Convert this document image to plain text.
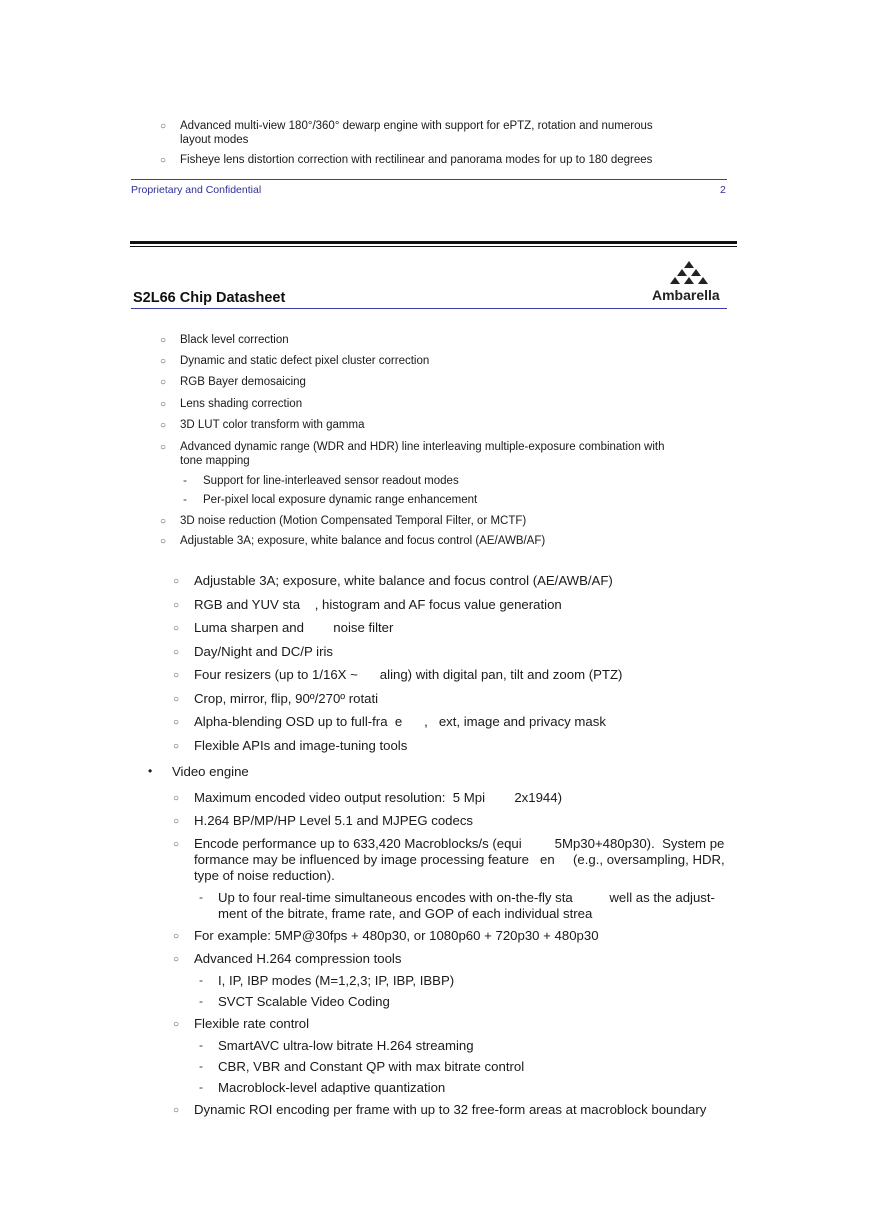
○ Advanced multi-view 180°/360° dewarp engine with support for ePTZ, rotation and numerous
layout modes
○ Fisheye lens distortion correction with rectilinear and panorama modes for up to 180 degrees
Proprietary and Confidential	2
S2L66 Chip Datasheet	Ambarella
○ Black level correction
○ Dynamic and static defect pixel cluster correction
○ RGB Bayer demosaicing
○ Lens shading correction
○ 3D LUT color transform with gamma
○ Advanced dynamic range (WDR and HDR) line interleaving multiple-exposure combination with
tone mapping
- Support for line-interleaved sensor readout modes
- Per-pixel local exposure dynamic range enhancement
○ 3D noise reduction (Motion Compensated Temporal Filter, or MCTF)
○ Adjustable 3A; exposure, white balance and focus control (AE/AWB/AF)
○ Adjustable 3A; exposure, white balance and focus control (AE/AWB/AF)
○ RGB and YUV sta    , histogram and AF focus value generation
○ Luma sharpen and        noise filter
○ Day/Night and DC/P iris
○ Four resizers (up to 1/16X ~      aling) with digital pan, tilt and zoom (PTZ)
○ Crop, mirror, flip, 90º/270º rotati
○ Alpha-blending OSD up to full-fra  e      ,   ext, image and privacy mask
○ Flexible APIs and image-tuning tools
• Video engine
○ Maximum encoded video output resolution:  5 Mpi        2x1944)
○ H.264 BP/MP/HP Level 5.1 and MJPEG codecs
○ Encode performance up to 633,420 Macroblocks/s (equi         5Mp30+480p30).  System pe
formance may be influenced by image processing feature   en     (e.g., oversampling, HDR,
type of noise reduction).
- Up to four real-time simultaneous encodes with on-the-fly sta          well as the adjust-
ment of the bitrate, frame rate, and GOP of each individual strea
○ For example: 5MP@30fps + 480p30, or 1080p60 + 720p30 + 480p30
○ Advanced H.264 compression tools
- I, IP, IBP modes (M=1,2,3; IP, IBP, IBBP)
- SVCT Scalable Video Coding
○ Flexible rate control
- SmartAVC ultra-low bitrate H.264 streaming
- CBR, VBR and Constant QP with max bitrate control
- Macroblock-level adaptive quantization
○ Dynamic ROI encoding per frame with up to 32 free-form areas at macroblock boundary
